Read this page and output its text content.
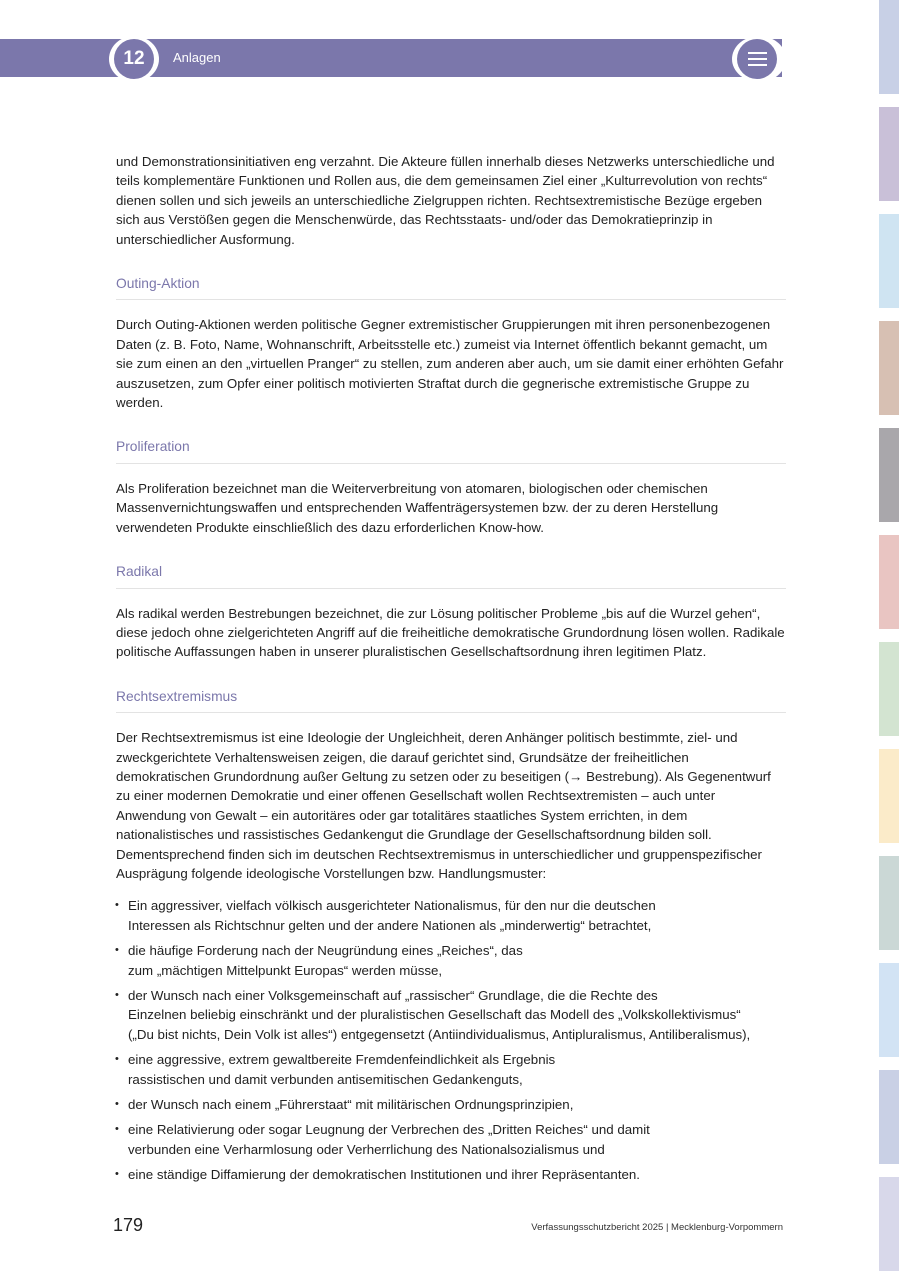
12	Anlagen

und Demonstrationsinitiativen eng verzahnt. Die Akteure füllen innerhalb dieses Netzwerks unterschiedliche und teils komplementäre Funktionen und Rollen aus, die dem gemeinsamen Ziel einer „Kulturrevolution von rechts“ dienen sollen und sich jeweils an unterschiedliche Zielgruppen richten. Rechtsextremistische Bezüge ergeben sich aus Verstößen gegen die Menschenwürde, das Rechtsstaats- und/oder das Demokratieprinzip in unterschiedlicher Ausformung.

Outing-Aktion

Durch Outing-Aktionen werden politische Gegner extremistischer Gruppierungen mit ihren personenbezogenen Daten (z. B. Foto, Name, Wohnanschrift, Arbeitsstelle etc.) zumeist via Internet öffentlich bekannt gemacht, um sie zum einen an den „virtuellen Pranger“ zu stellen, zum anderen aber auch, um sie damit einer erhöhten Gefahr auszusetzen, zum Opfer einer politisch motivierten Straftat durch die gegnerische extremistische Gruppe zu werden.

Proliferation

Als Proliferation bezeichnet man die Weiterverbreitung von atomaren, biologischen oder chemischen Massenvernichtungswaffen und entsprechenden Waffenträgersystemen bzw. der zu deren Herstellung verwendeten Produkte einschließlich des dazu erforderlichen Know-how.

Radikal

Als radikal werden Bestrebungen bezeichnet, die zur Lösung politischer Probleme „bis auf die Wurzel gehen“, diese jedoch ohne zielgerichteten Angriff auf die freiheitliche demokratische Grundordnung lösen wollen. Radikale politische Auffassungen haben in unserer pluralistischen Gesellschaftsordnung ihren legitimen Platz.

Rechtsextremismus

Der Rechtsextremismus ist eine Ideologie der Ungleichheit, deren Anhänger politisch bestimmte, ziel- und zweckgerichtete Verhaltensweisen zeigen, die darauf gerichtet sind, Grundsätze der freiheitlichen demokratischen Grundordnung außer Geltung zu setzen oder zu beseitigen (→ Bestrebung). Als Gegenentwurf zu einer modernen Demokratie und einer offenen Gesellschaft wollen Rechtsextremisten – auch unter Anwendung von Gewalt – ein autoritäres oder gar totalitäres staatliches System errichten, in dem nationalistisches und rassistisches Gedankengut die Grundlage der Gesellschaftsordnung bilden soll. Dementsprechend finden sich im deutschen Rechtsextremismus in unterschiedlicher und gruppenspezifischer Ausprägung folgende ideologische Vorstellungen bzw. Handlungsmuster:

• Ein aggressiver, vielfach völkisch ausgerichteter Nationalismus, für den nur die deutschen
Interessen als Richtschnur gelten und der andere Nationen als „minderwertig“ betrachtet,
• die häufige Forderung nach der Neugründung eines „Reiches“, das
zum „mächtigen Mittelpunkt Europas“ werden müsse,
• der Wunsch nach einer Volksgemeinschaft auf „rassischer“ Grundlage, die die Rechte des
Einzelnen beliebig einschränkt und der pluralistischen Gesellschaft das Modell des „Volkskollektivismus“
(„Du bist nichts, Dein Volk ist alles“) entgegensetzt (Antiindividualismus, Antipluralismus, Antiliberalismus),
• eine aggressive, extrem gewaltbereite Fremdenfeindlichkeit als Ergebnis
rassistischen und damit verbunden antisemitischen Gedankenguts,
• der Wunsch nach einem „Führerstaat“ mit militärischen Ordnungsprinzipien,
• eine Relativierung oder sogar Leugnung der Verbrechen des „Dritten Reiches“ und damit
verbunden eine Verharmlosung oder Verherrlichung des Nationalsozialismus und
• eine ständige Diffamierung der demokratischen Institutionen und ihrer Repräsentanten.
179	Verfassungsschutzbericht 2025 | Mecklenburg-Vorpommern
